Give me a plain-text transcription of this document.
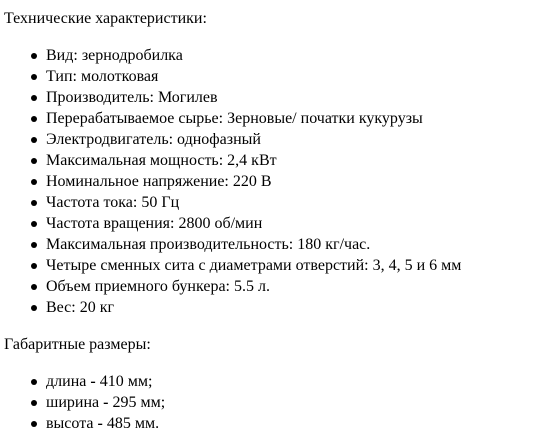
Технические характеристики:

Вид: зернодробилка
Тип: молотковая
Производитель: Могилев
Перерабатываемое сырье: Зерновые/ початки кукурузы
Электродвигатель: однофазный
Максимальная мощность: 2,4 кВт
Номинальное напряжение: 220 В
Частота тока: 50 Гц
Частота вращения: 2800 об/мин
Максимальная производительность: 180 кг/час.
Четыре сменных сита с диаметрами отверстий: 3, 4, 5 и 6 мм
Объем приемного бункера: 5.5 л.
Вес: 20 кг

Габаритные размеры:

длина - 410 мм;
ширина - 295 мм;
высота - 485 мм.
